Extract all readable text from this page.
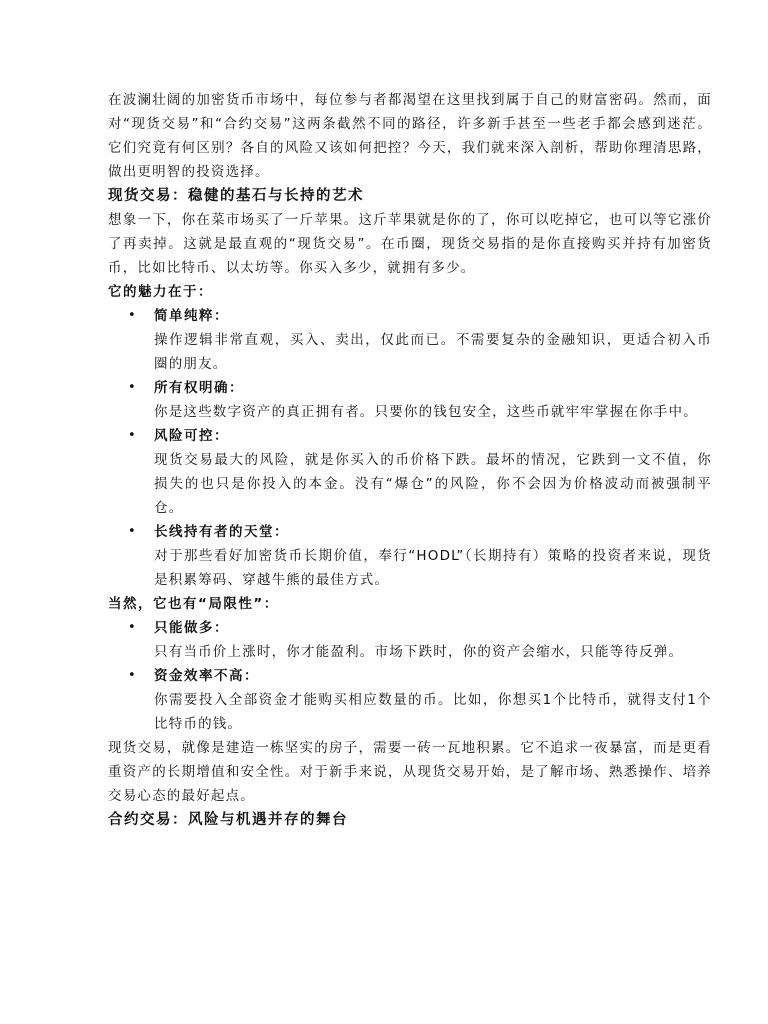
在波澜壮阔的加密货币市场中，每位参与者都渴望在这里找到属于自己的财富密码。然而，面对“现货交易”和“合约交易”这两条截然不同的路径，许多新手甚至一些老手都会感到迷茫。它们究竟有何区别？各自的风险又该如何把控？今天，我们就来深入剖析，帮助你理清思路，做出更明智的投资选择。

现货交易：稳健的基石与长持的艺术

想象一下，你在菜市场买了一斤苹果。这斤苹果就是你的了，你可以吃掉它，也可以等它涨价了再卖掉。这就是最直观的“现货交易”。在币圈，现货交易指的是你直接购买并持有加密货币，比如比特币、以太坊等。你买入多少，就拥有多少。

它的魅力在于：

• 简单纯粹：
操作逻辑非常直观，买入、卖出，仅此而已。不需要复杂的金融知识，更适合初入币圈的朋友。
• 所有权明确：
你是这些数字资产的真正拥有者。只要你的钱包安全，这些币就牢牢掌握在你手中。
• 风险可控：
现货交易最大的风险，就是你买入的币价格下跌。最坏的情况，它跌到一文不值，你损失的也只是你投入的本金。没有“爆仓”的风险，你不会因为价格波动而被强制平仓。
• 长线持有者的天堂：
对于那些看好加密货币长期价值，奉行“HODL”（长期持有）策略的投资者来说，现货是积累筹码、穿越牛熊的最佳方式。

当然，它也有“局限性”：

• 只能做多：
只有当币价上涨时，你才能盈利。市场下跌时，你的资产会缩水，只能等待反弹。
• 资金效率不高：
你需要投入全部资金才能购买相应数量的币。比如，你想买1个比特币，就得支付1个比特币的钱。

现货交易，就像是建造一栋坚实的房子，需要一砖一瓦地积累。它不追求一夜暴富，而是更看重资产的长期增值和安全性。对于新手来说，从现货交易开始，是了解市场、熟悉操作、培养交易心态的最好起点。

合约交易：风险与机遇并存的舞台
